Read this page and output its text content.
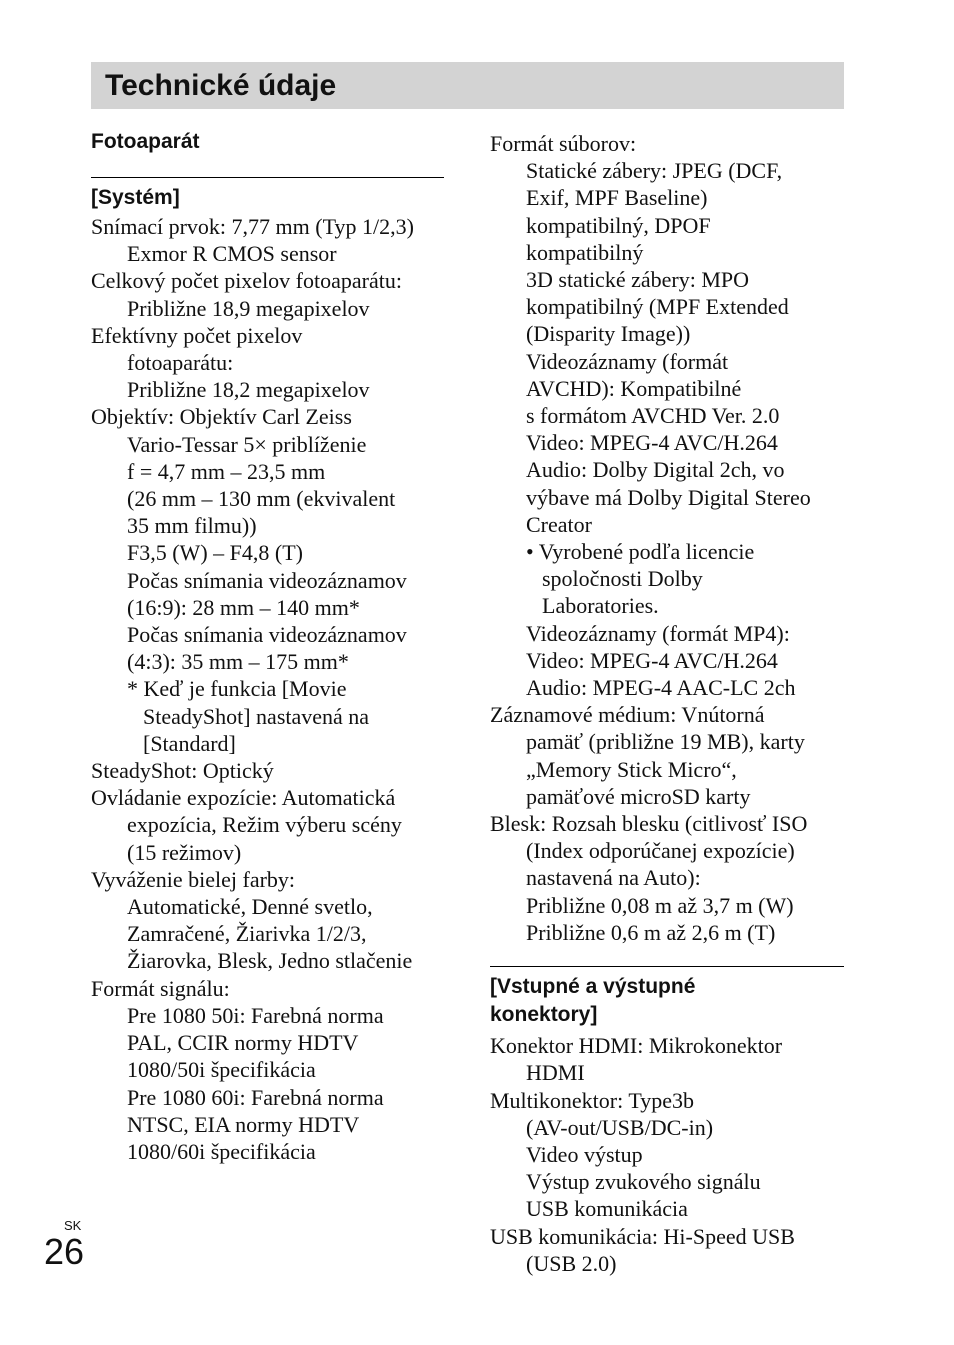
Technické údaje
Fotoaparát
[Systém]
Snímací prvok: 7,77 mm (Typ 1/2,3)
Exmor R CMOS sensor
Celkový počet pixelov fotoaparátu:
Približne 18,9 megapixelov
Efektívny počet pixelov
fotoaparátu:
Približne 18,2 megapixelov
Objektív: Objektív Carl Zeiss
Vario-Tessar 5× priblíženie
f = 4,7 mm – 23,5 mm
(26 mm – 130 mm (ekvivalent
35 mm filmu))
F3,5 (W) – F4,8 (T)
Počas snímania videozáznamov
(16:9): 28 mm – 140 mm*
Počas snímania videozáznamov
(4:3): 35 mm – 175 mm*
* Keď je funkcia [Movie
SteadyShot] nastavená na
[Standard]
SteadyShot: Optický
Ovládanie expozície: Automatická
expozícia, Režim výberu scény
(15 režimov)
Vyváženie bielej farby:
Automatické, Denné svetlo,
Zamračené, Žiarivka 1/2/3,
Žiarovka, Blesk, Jedno stlačenie
Formát signálu:
Pre 1080 50i: Farebná norma
PAL, CCIR normy HDTV
1080/50i špecifikácia
Pre 1080 60i: Farebná norma
NTSC, EIA normy HDTV
1080/60i špecifikácia
Formát súborov:
Statické zábery: JPEG (DCF,
Exif, MPF Baseline)
kompatibilný, DPOF
kompatibilný
3D statické zábery: MPO
kompatibilný (MPF Extended
(Disparity Image))
Videozáznamy (formát
AVCHD): Kompatibilné
s formátom AVCHD Ver. 2.0
Video: MPEG-4 AVC/H.264
Audio: Dolby Digital 2ch, vo
výbave má Dolby Digital Stereo
Creator
• Vyrobené podľa licencie
spoločnosti Dolby
Laboratories.
Videozáznamy (formát MP4):
Video: MPEG-4 AVC/H.264
Audio: MPEG-4 AAC-LC 2ch
Záznamové médium: Vnútorná
pamäť (približne 19 MB), karty
„Memory Stick Micro“,
pamäťové microSD karty
Blesk: Rozsah blesku (citlivosť ISO
(Index odporúčanej expozície)
nastavená na Auto):
Približne 0,08 m až 3,7 m (W)
Približne 0,6 m až 2,6 m (T)
[Vstupné a výstupné
konektory]
Konektor HDMI: Mikrokonektor
HDMI
Multikonektor: Type3b
(AV-out/USB/DC-in)
Video výstup
Výstup zvukového signálu
USB komunikácia
USB komunikácia: Hi-Speed USB
(USB 2.0)
SK
26
